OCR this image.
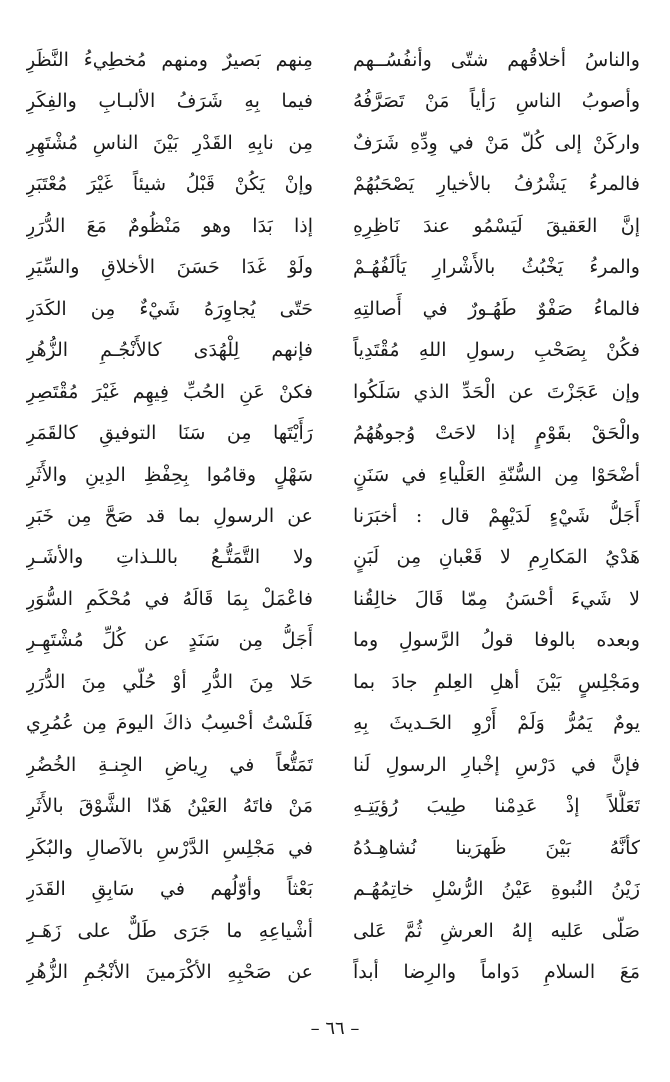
مِنهم بَصيرٌ ومنهم مُخطِيءُ النَّظَرِ
فيما بِهِ شَرَفُ الألبـابِ والفِكَرِ
مِن نابِهِ القَدْرِ بَيْنَ الناسِ مُشْتَهِرِ
وإنْ يَكُنْ قَبْلُ شيئاً غَيْرَ مُعْتَبَرِ
إذا بَدَا وهو مَنْظُومٌ مَعَ الدُّرَرِ
ولَوْ غَدَا حَسَنَ الأخلاقِ والسِّيَرِ
حَتّى يُجاوِرَهُ شَيْءٌ مِن الكَدَرِ
فإنهم لِلْهُدَى كالأَنْجُـمِ الزُّهُرِ
فكنْ عَنِ الحُبِّ فِيهِم غَيْرَ مُقْتَصِرِ
رَأَيْتَها مِن سَنَا التوفيقِ كالقَمَرِ
سَهْلٍ وقامُوا بِحِفْظِ الدِينِ والأَثَرِ
عن الرسولِ بما قد صَحَّ مِن خَبَرِ
ولا التَّمَتُّـعُ باللـذاتِ والأشَـرِ
فاعْمَلْ بِمَا قَالَهُ في مُحْكَمِ السُّوَرِ
أَجَلُّ مِن سَنَدٍ عن كُلِّ مُشْتَهِـرِ
حَلا مِنَ الدُّرِ أوْ حُلّي مِنَ الدُّرَرِ
فَلَسْتُ أحْسِبُ ذاكَ اليومَ مِن عُمُرِي
تَمَتُّعاً في رِياضِ الجِنـةِ الخُضُرِ
مَنْ فاتَهُ العَيْنُ هَدّا الشَّوْقَ بالأَثَرِ
في مَجْلِسِ الدَّرْسِ بالآصالِ والبُكَرِ
بَعْثاً وأوّلُهم في سَابِقِ القَدَرِ
أشْياعِهِ ما جَرَى طَلٌّ على زَهَـرِ
عن صَحْبِهِ الأكْرَمينَ الأنْجُمِ الزُّهُرِ
والناسُ أخلاقُهم شتّى وأنفُسُــهم
وأصوبُ الناسِ رَأياً مَنْ تَصَرَّفُهُ
واركَنْ إلى كُلّ مَنْ في وِدِّهِ شَرَفٌ
فالمرءُ يَشْرُفُ بالأخيارِ يَصْحَبُهُمْ
إنَّ العَقيقَ لَيَسْمُو عندَ نَاظِرِهِ
والمرءُ يَخْبُثُ بالأَشْرارِ يَألَفُهُـمْ
فالماءُ صَفْوٌ طَهُـورٌ في أَصالتِهِ
فكُنْ بِصَحْبِ رسولِ اللهِ مُقْتَدِياً
وإن عَجَزْتَ عن الْحَدِّ الذي سَلَكُوا
والْحَقْ بقَوْمٍ إذا لاحَتْ وُجوهُهُمُ
أضْحَوْا مِن السُّنّةِ العَلْياءِ في سَنَنٍ
أَجَلُّ شَيْءٍ لَدَيْهِمْ قال : أخبَرَنا
هَدْيُ المَكارِمِ لا قَعْبانِ مِن لَبَنٍ
لا شَيءَ أحْسَنُ مِمّا قَالَ خالِقُنا
وبعده بالوفا قولُ الرَّسولِ وما
ومَجْلِسٍ بَيْنَ أهلِ العِلمِ جادَ بما
يومٌ يَمُرُّ وَلَمْ أَرْوِ الحَـديثَ بِهِ
فإنَّ في دَرْسِ إخْبارِ الرسولِ لَنا
تَعَلُّلاً إذْ عَدِمْنا طِيبَ رُؤيَتِـهِ
كأنَّهُ بَيْنَ ظَهرَينا نُشاهِـدُهُ
زَيْنُ النُبوةِ عَيْنُ الرُّسْلِ خاتِمُهُـم
صَلّى عَليه إلهُ العرشِ ثُمَّ عَلى
مَعَ السلامِ دَواماً والرِضا أبداً
– ٦٦ –
